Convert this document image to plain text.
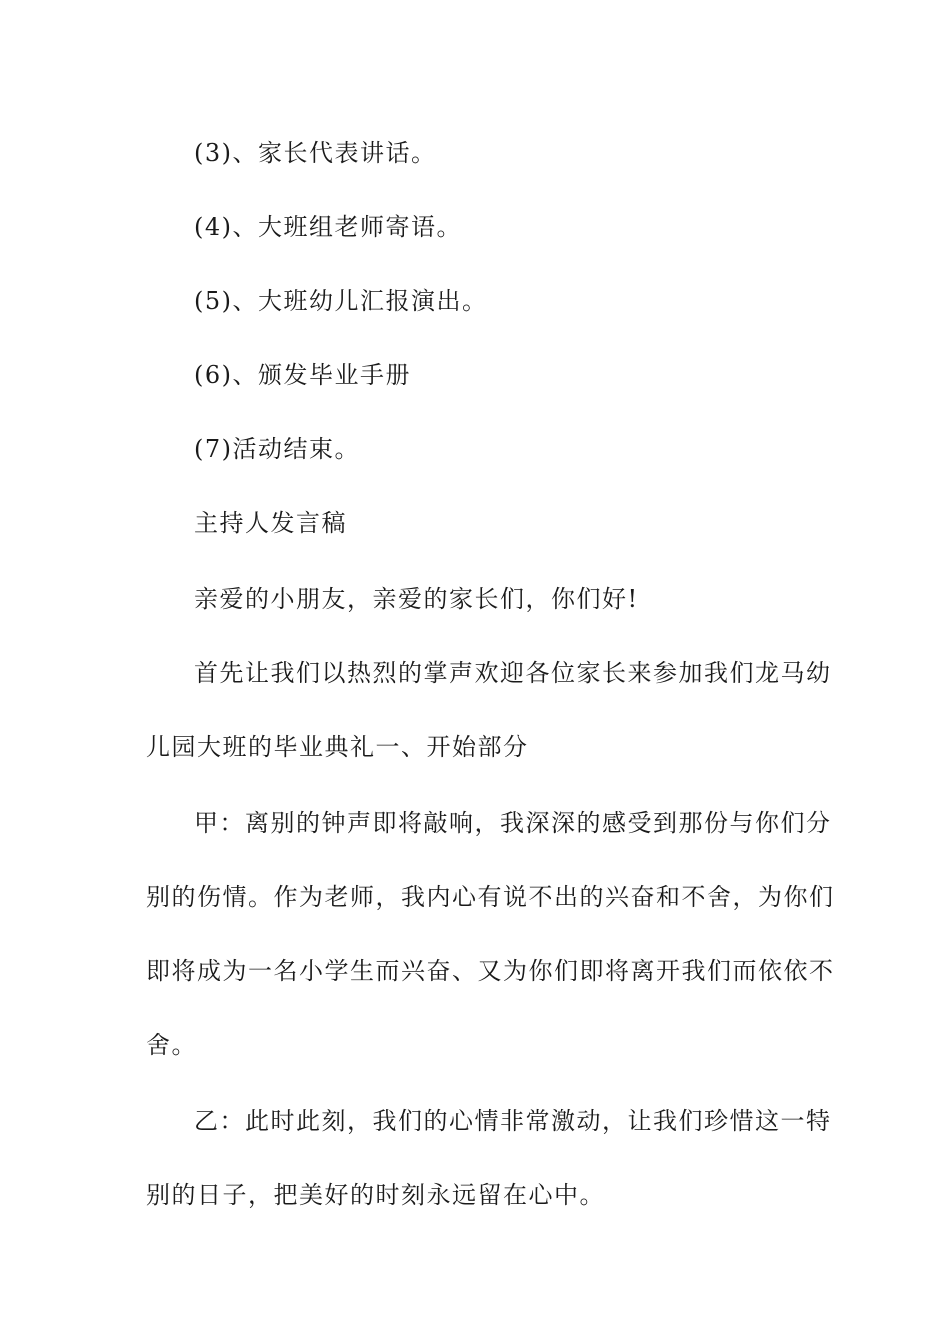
(3)、家长代表讲话。
(4)、大班组老师寄语。
(5)、大班幼儿汇报演出。
(6)、颁发毕业手册
(7)活动结束。
主持人发言稿
亲爱的小朋友，亲爱的家长们，你们好!
首先让我们以热烈的掌声欢迎各位家长来参加我们龙马幼
儿园大班的毕业典礼一、开始部分
甲：离别的钟声即将敲响，我深深的感受到那份与你们分
别的伤情。作为老师，我内心有说不出的兴奋和不舍，为你们
即将成为一名小学生而兴奋、又为你们即将离开我们而依依不
舍。
乙：此时此刻，我们的心情非常激动，让我们珍惜这一特
别的日子，把美好的时刻永远留在心中。
